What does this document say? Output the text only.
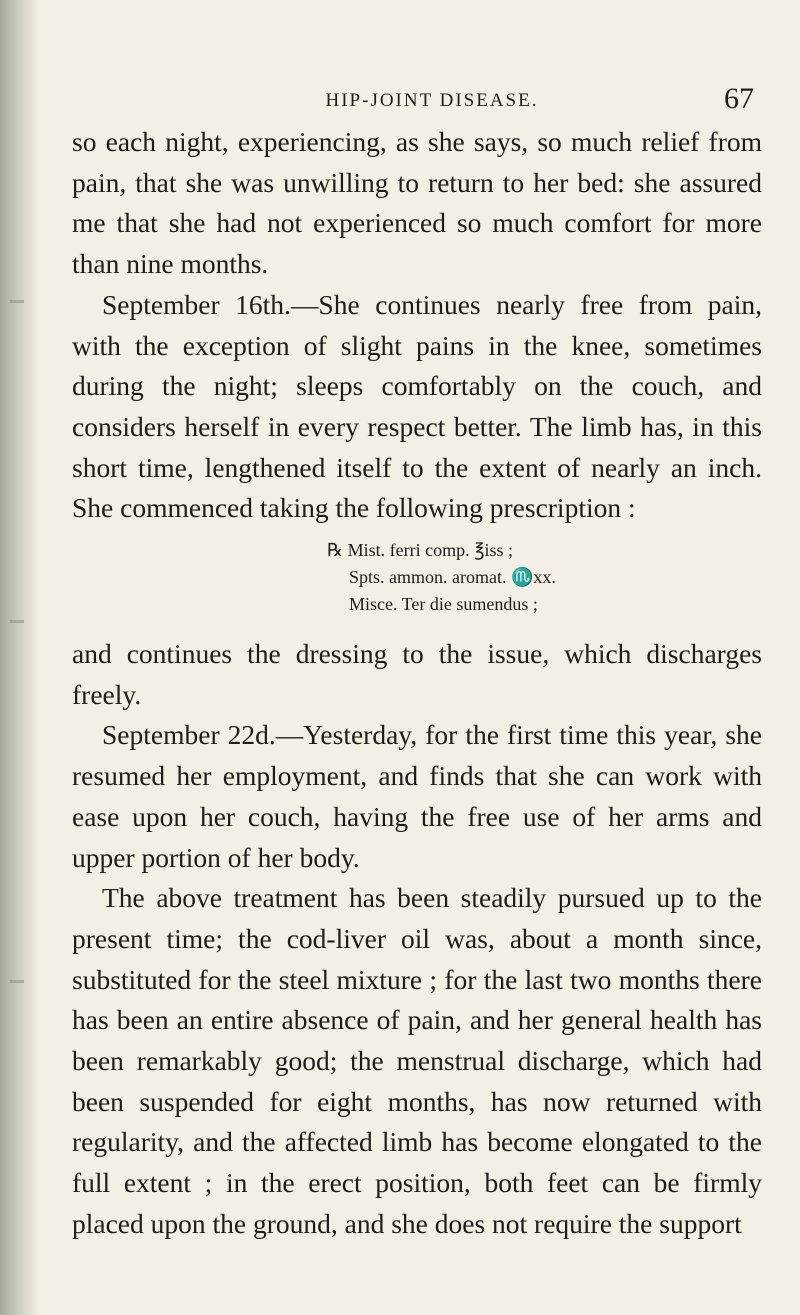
HIP-JOINT DISEASE.	67

so each night, experiencing, as she says, so much relief from pain, that she was unwilling to return to her bed: she assured me that she had not experienced so much comfort for more than nine months.

September 16th.—She continues nearly free from pain, with the exception of slight pains in the knee, sometimes during the night; sleeps comfortably on the couch, and considers herself in every respect better. The limb has, in this short time, lengthened itself to the extent of nearly an inch. She commenced taking the following prescription :

℞ Mist. ferri comp. ℥iss ;
Spts. ammon. aromat. ♏xx.
Misce. Ter die sumendus ;

and continues the dressing to the issue, which discharges freely.

September 22d.—Yesterday, for the first time this year, she resumed her employment, and finds that she can work with ease upon her couch, having the free use of her arms and upper portion of her body.

The above treatment has been steadily pursued up to the present time; the cod-liver oil was, about a month since, substituted for the steel mixture ; for the last two months there has been an entire absence of pain, and her general health has been remarkably good; the menstrual discharge, which had been suspended for eight months, has now returned with regularity, and the affected limb has become elongated to the full extent ; in the erect position, both feet can be firmly placed upon the ground, and she does not require the support
